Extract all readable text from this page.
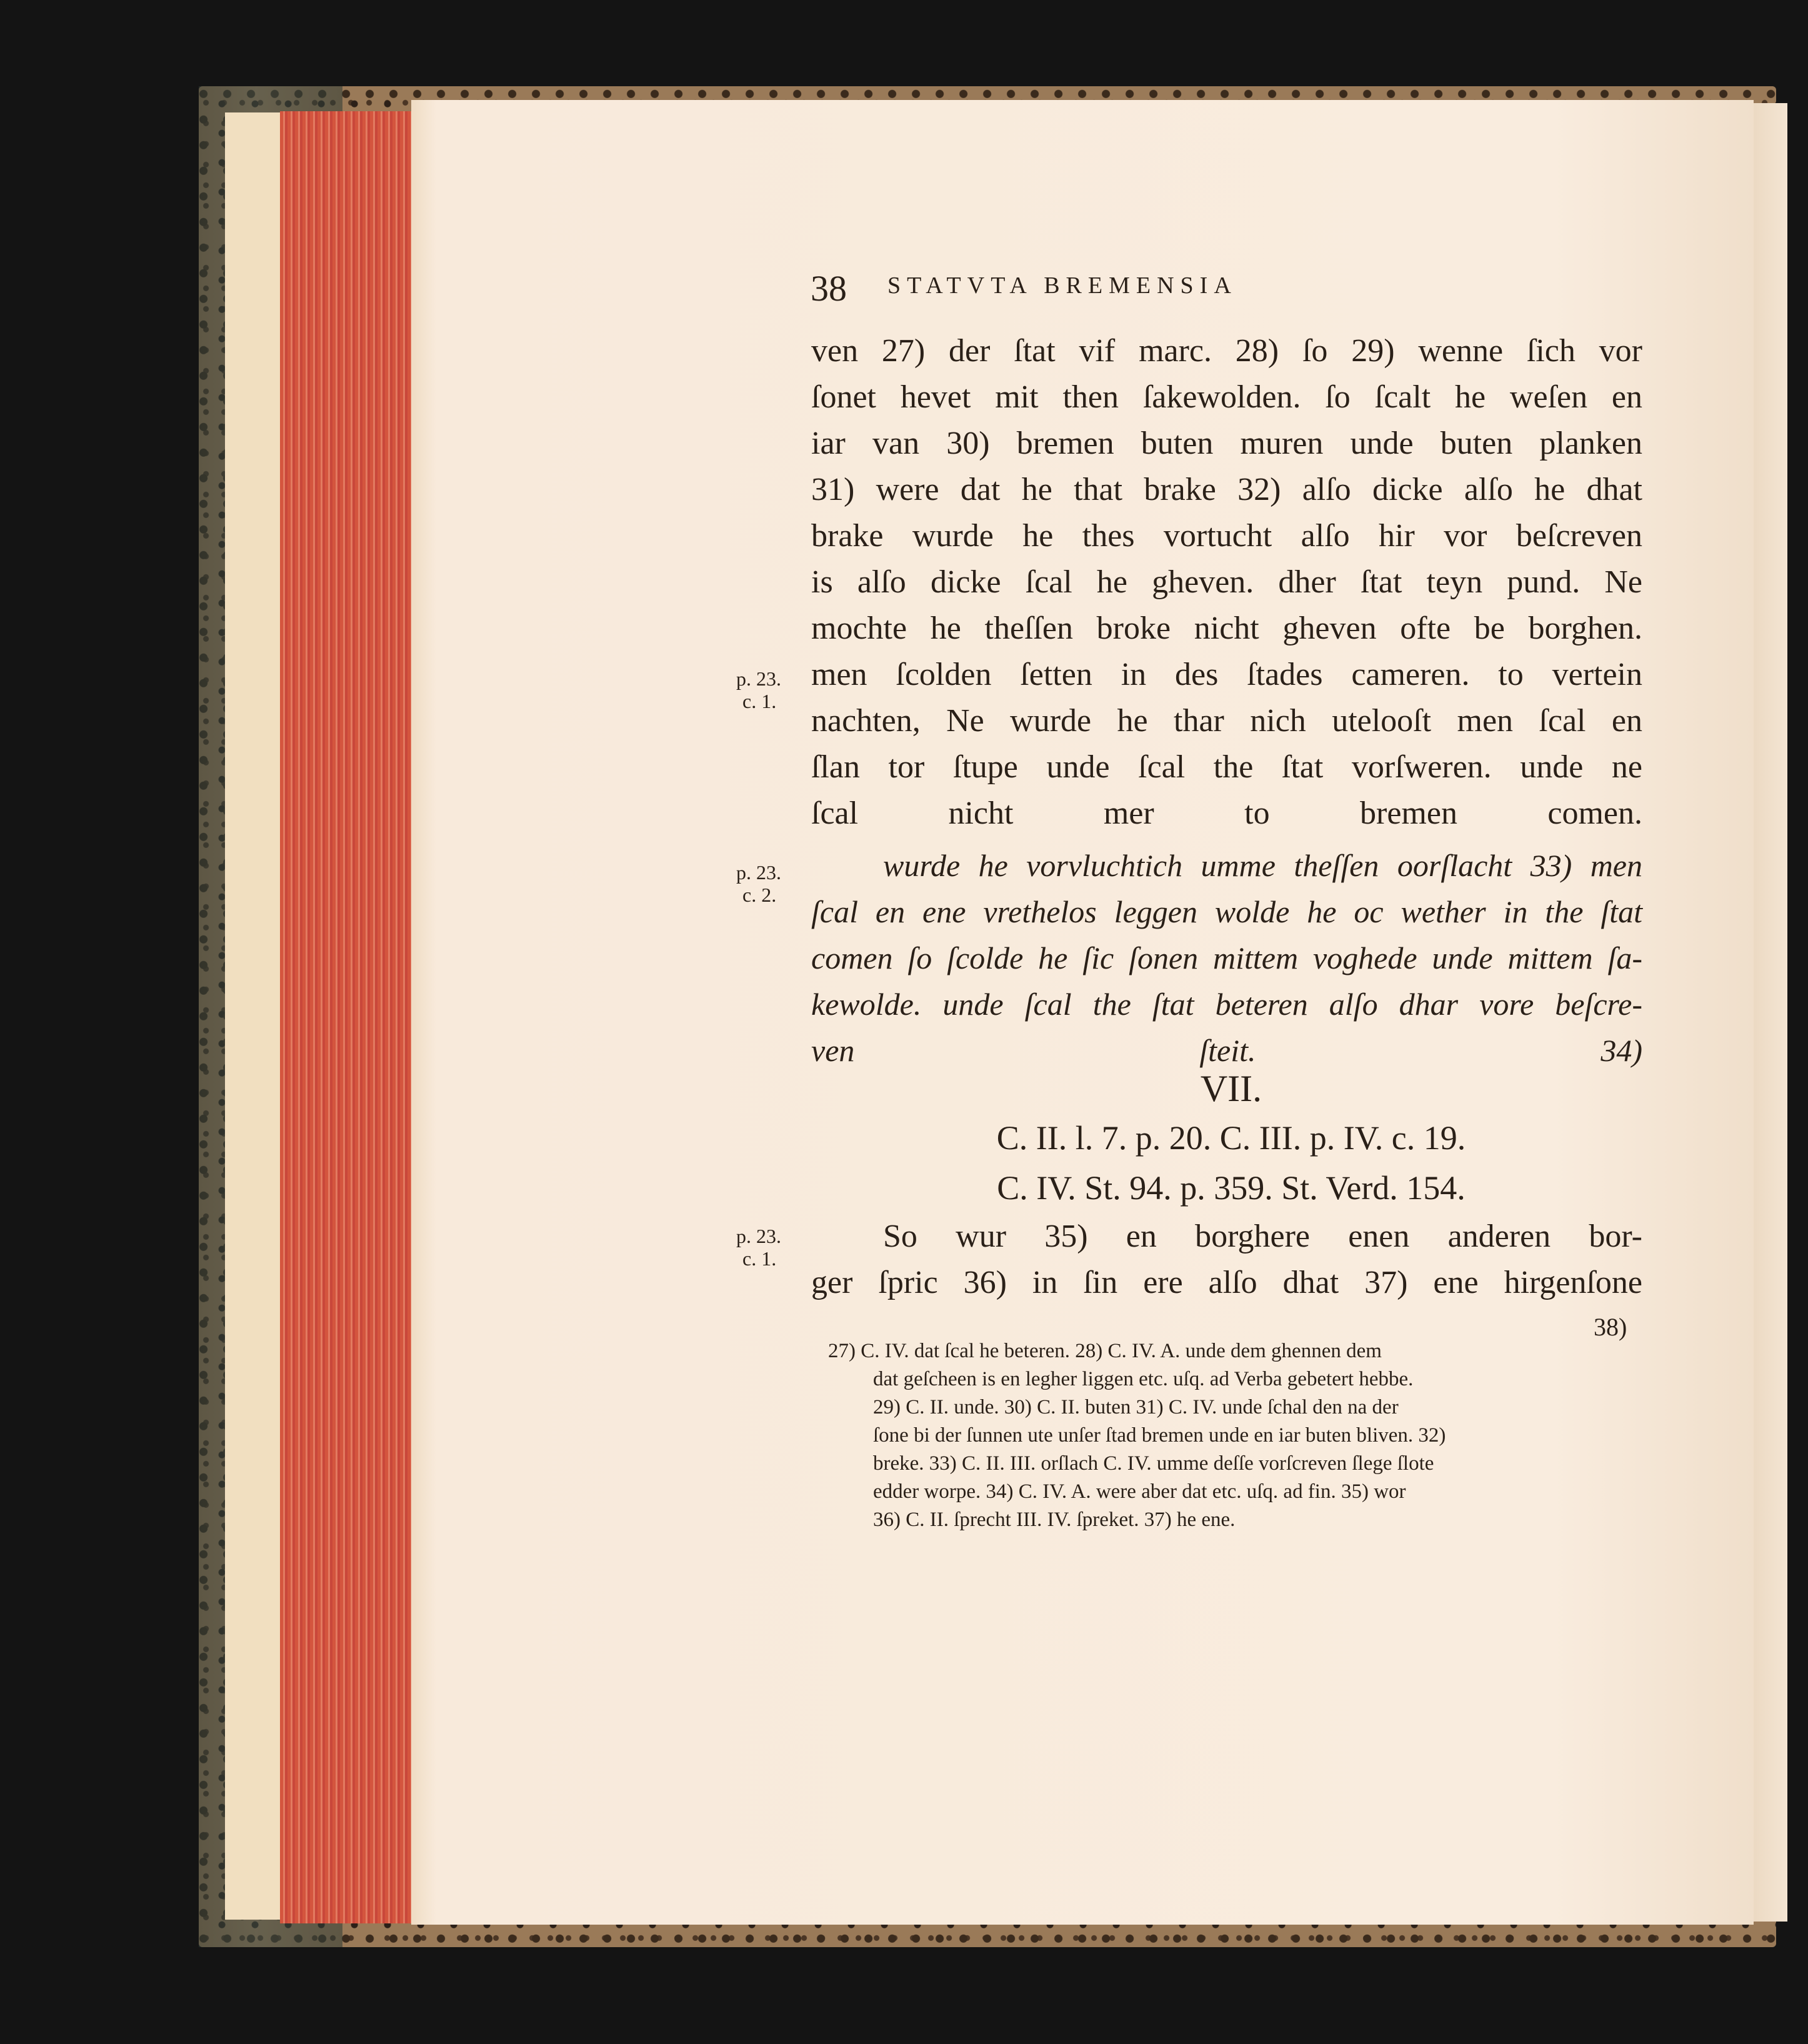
38 STATVTA BREMENSIA
ven 27) der ſtat vif marc. 28) ſo 29) wenne ſich vor
ſonet hevet mit then ſakewolden. ſo ſcalt he weſen en
iar van 30) bremen buten muren unde buten planken
31) were dat he that brake 32) alſo dicke alſo he dhat
brake wurde he thes vortucht alſo hir vor beſcreven
is alſo dicke ſcal he gheven. dher ſtat teyn pund. Ne
mochte he theſſen broke nicht gheven ofte be borghen.
men ſcolden ſetten in des ſtades cameren. to vertein
nachten, Ne wurde he thar nich utelooſt men ſcal en
ſlan tor ſtupe unde ſcal the ſtat vorſweren. unde ne
ſcal nicht mer to bremen comen.
wurde he vorvluchtich umme theſſen oorſlacht 33) men
ſcal en ene vrethelos leggen wolde he oc wether in the ſtat
comen ſo ſcolde he ſic ſonen mittem voghede unde mittem ſa-
kewolde. unde ſcal the ſtat beteren alſo dhar vore beſcre-
ven ſteit. 34)
p. 23.
c. 1.
p. 23.
c. 2.
p. 23.
c. 1.
VII.
C. II. l. 7. p. 20. C. III. p. IV. c. 19.
C. IV. St. 94. p. 359. St. Verd. 154.
So wur 35) en borghere enen anderen bor-
ger ſpric 36) in ſin ere alſo dhat 37) ene hirgenſone
38)
27) C. IV. dat ſcal he beteren. 28) C. IV. A. unde dem ghennen dem
dat geſcheen is en legher liggen etc. uſq. ad Verba gebetert hebbe.
29) C. II. unde. 30) C. II. buten 31) C. IV. unde ſchal den na der
ſone bi der ſunnen ute unſer ſtad bremen unde en iar buten bliven. 32)
breke. 33) C. II. III. orſlach C. IV. umme deſſe vorſcreven ſlege ſlote
edder worpe. 34) C. IV. A. were aber dat etc. uſq. ad fin. 35) wor
36) C. II. ſprecht III. IV. ſpreket. 37) he ene.
